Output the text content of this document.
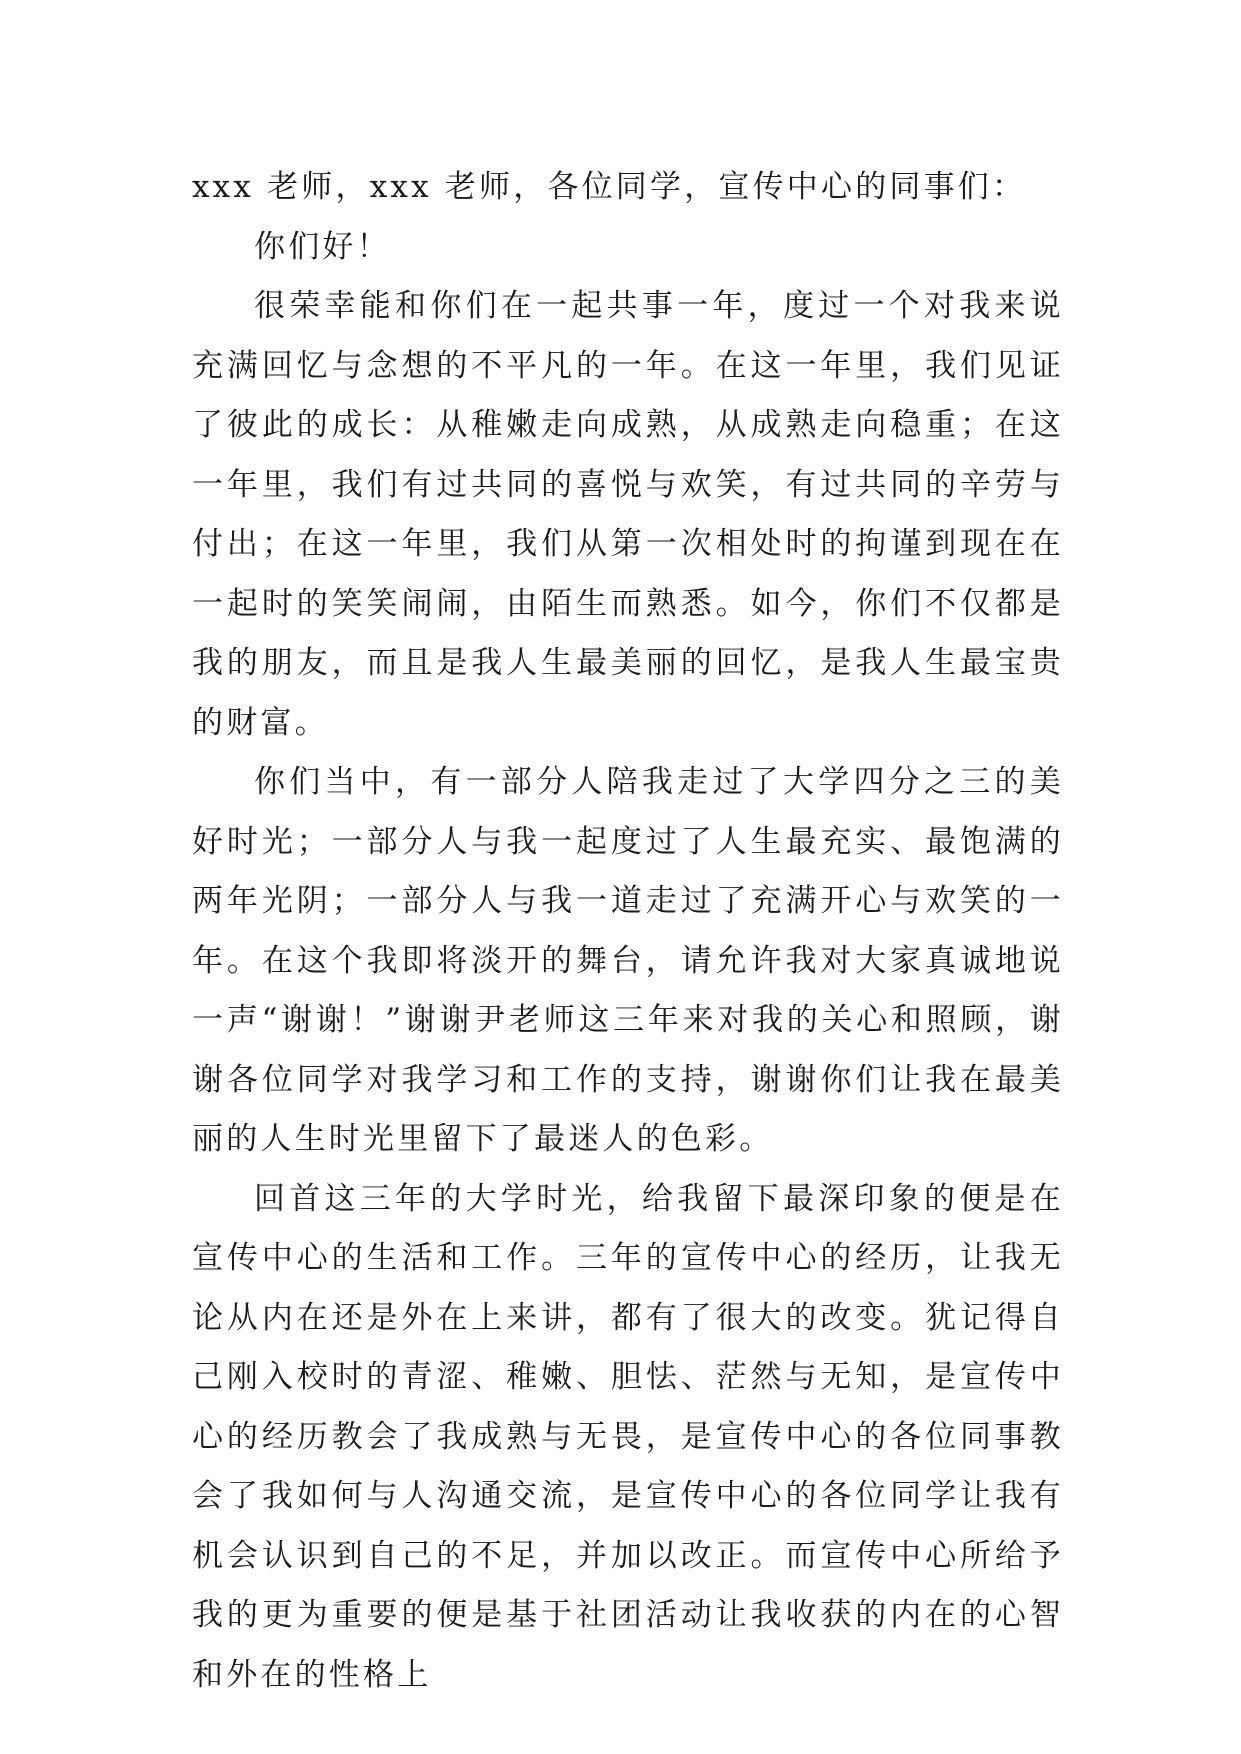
xxx 老师，xxx 老师，各位同学，宣传中心的同事们：

你们好！

很荣幸能和你们在一起共事一年，度过一个对我来说充满回忆与念想的不平凡的一年。在这一年里，我们见证了彼此的成长：从稚嫩走向成熟，从成熟走向稳重；在这一年里，我们有过共同的喜悦与欢笑，有过共同的辛劳与付出；在这一年里，我们从第一次相处时的拘谨到现在在一起时的笑笑闹闹，由陌生而熟悉。如今，你们不仅都是我的朋友，而且是我人生最美丽的回忆，是我人生最宝贵的财富。

你们当中，有一部分人陪我走过了大学四分之三的美好时光；一部分人与我一起度过了人生最充实、最饱满的两年光阴；一部分人与我一道走过了充满开心与欢笑的一年。在这个我即将淡开的舞台，请允许我对大家真诚地说一声“谢谢！”谢谢尹老师这三年来对我的关心和照顾，谢谢各位同学对我学习和工作的支持，谢谢你们让我在最美丽的人生时光里留下了最迷人的色彩。

回首这三年的大学时光，给我留下最深印象的便是在宣传中心的生活和工作。三年的宣传中心的经历，让我无论从内在还是外在上来讲，都有了很大的改变。犹记得自己刚入校时的青涩、稚嫩、胆怯、茫然与无知，是宣传中心的经历教会了我成熟与无畏，是宣传中心的各位同事教会了我如何与人沟通交流，是宣传中心的各位同学让我有机会认识到自己的不足，并加以改正。而宣传中心所给予我的更为重要的便是基于社团活动让我收获的内在的心智和外在的性格上
